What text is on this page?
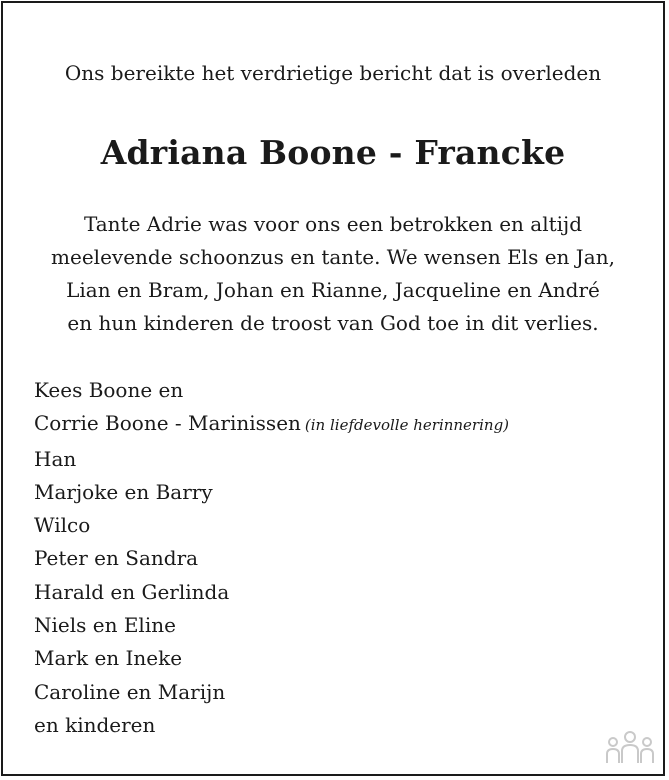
Ons bereikte het verdrietige bericht dat is overleden
Adriana Boone - Francke

Tante Adrie was voor ons een betrokken en altijd
meelevende schoonzus en tante. We wensen Els en Jan,
Lian en Bram, Johan en Rianne, Jacqueline en André
en hun kinderen de troost van God toe in dit verlies.

Kees Boone en
Corrie Boone - Marinissen (in liefdevolle herinnering)
Han
Marjoke en Barry
Wilco
Peter en Sandra
Harald en Gerlinda
Niels en Eline
Mark en Ineke
Caroline en Marijn
en kinderen
